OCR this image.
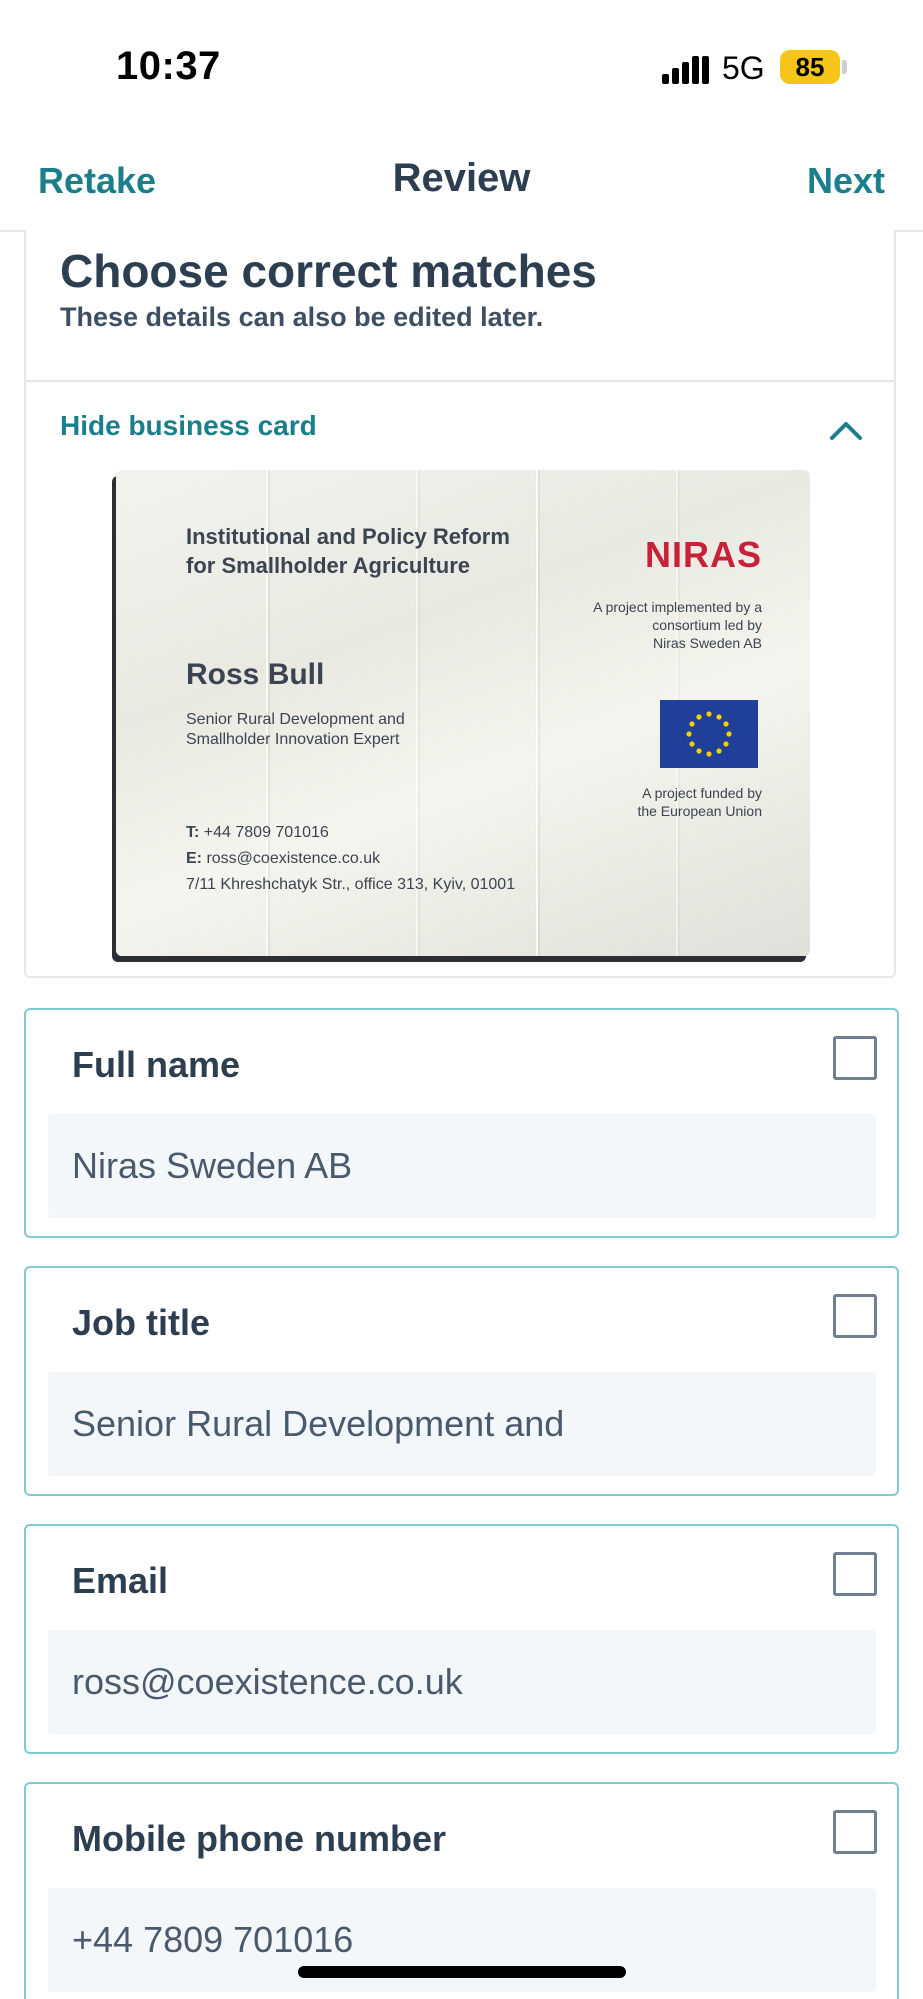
10:37	5G	85
Review
Retake	Next
Choose correct matches
These details can also be edited later.
Hide business card
Institutional and Policy Reform
for Smallholder Agriculture
Ross Bull
Senior Rural Development and
Smallholder Innovation Expert
T: +44 7809 701016
E: ross@coexistence.co.uk
7/11 Khreshchatyk Str., office 313, Kyiv, 01001
NIRAS
A project implemented by a
consortium led by
Niras Sweden AB
A project funded by
the European Union
Full name
Niras Sweden AB
Job title
Senior Rural Development and
Email
ross@coexistence.co.uk
Mobile phone number
+44 7809 701016
